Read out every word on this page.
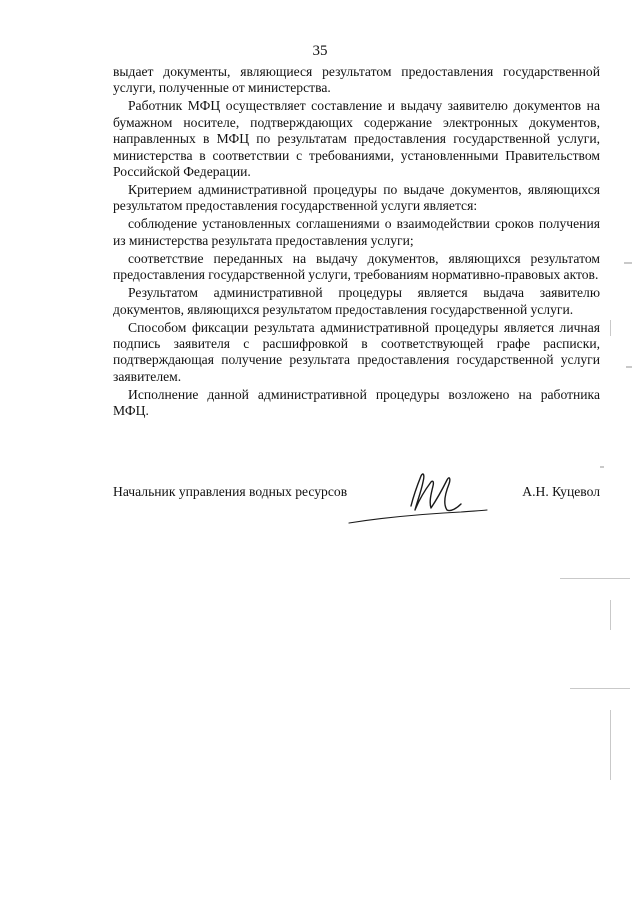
35

выдает документы, являющиеся результатом предоставления государственной услуги, полученные от министерства.

Работник МФЦ осуществляет составление и выдачу заявителю документов на бумажном носителе, подтверждающих содержание электронных документов, направленных в МФЦ по результатам предоставления государственной услуги, министерства в соответствии с требованиями, установленными Правительством Российской Федерации.

Критерием административной процедуры по выдаче документов, являющихся результатом предоставления государственной услуги является:

соблюдение установленных соглашениями о взаимодействии сроков получения из министерства результата предоставления услуги;

соответствие переданных на выдачу документов, являющихся результатом предоставления государственной услуги, требованиям нормативно-правовых актов.

Результатом административной процедуры является выдача заявителю документов, являющихся результатом предоставления государственной услуги.

Способом фиксации результата административной процедуры является личная подпись заявителя с расшифровкой в соответствующей графе расписки, подтверждающая получение результата предоставления государственной услуги заявителем.

Исполнение данной административной процедуры возложено на работника МФЦ.

Начальник управления водных ресурсов	А.Н. Куцевол
